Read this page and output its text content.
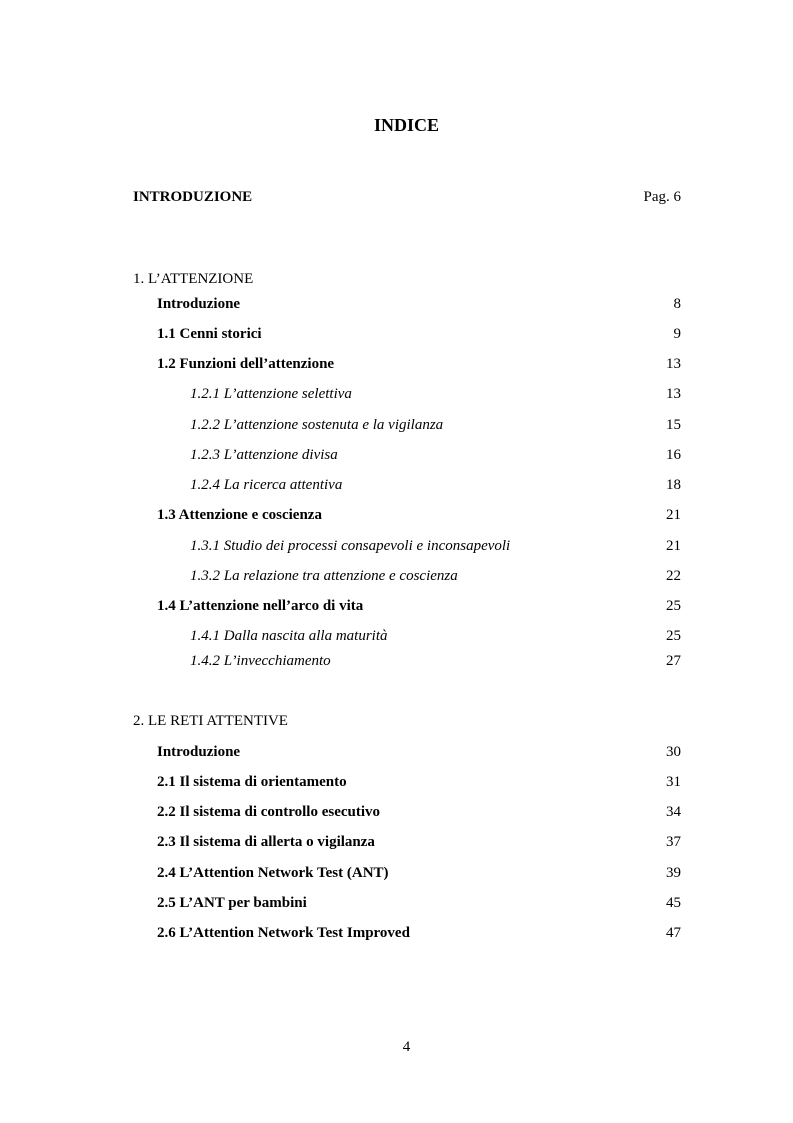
INDICE
INTRODUZIONE	Pag. 6
1. L’ATTENZIONE
Introduzione	8
1.1 Cenni storici	9
1.2 Funzioni dell’attenzione	13
1.2.1 L’attenzione selettiva	13
1.2.2 L’attenzione sostenuta e la vigilanza	15
1.2.3 L’attenzione divisa	16
1.2.4 La ricerca attentiva	18
1.3 Attenzione e coscienza	21
1.3.1 Studio dei processi consapevoli e inconsapevoli	21
1.3.2 La relazione tra attenzione e coscienza	22
1.4 L’attenzione nell’arco di vita	25
1.4.1 Dalla nascita alla maturità	25
1.4.2 L’invecchiamento	27
2. LE RETI ATTENTIVE
Introduzione	30
2.1 Il sistema di orientamento	31
2.2 Il sistema di controllo esecutivo	34
2.3 Il sistema di allerta o vigilanza	37
2.4 L’Attention Network Test (ANT)	39
2.5 L’ANT per bambini	45
2.6 L’Attention Network Test Improved	47
4
